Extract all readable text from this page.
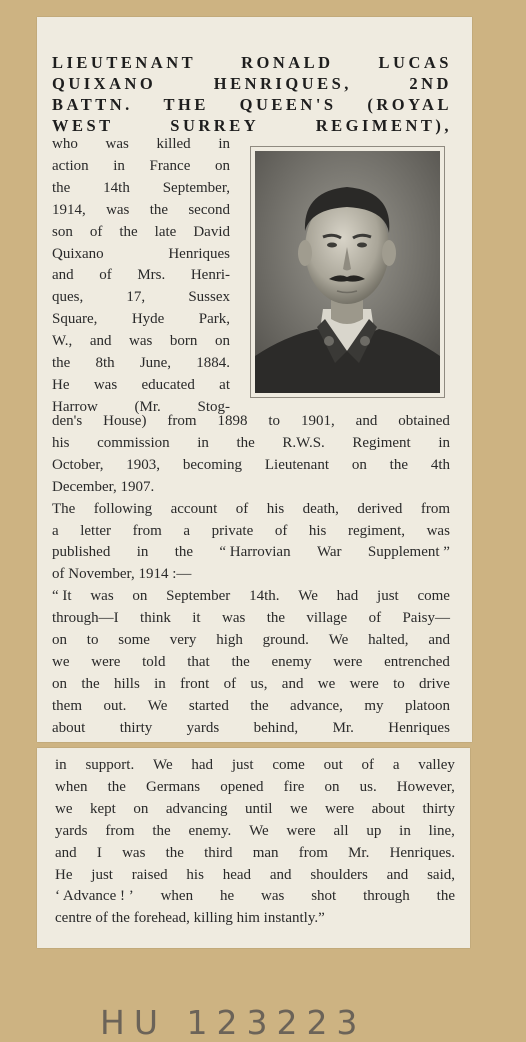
LIEUTENANT	RONALD	LUCAS
QUIXANO	HENRIQUES,	2ND
BATTN. THE QUEEN'S (ROYAL
WEST	SURREY	REGIMENT),
who was killed in
action in France on
the 14th September,
1914, was the second
son of the late David
Quixano	Henriques
and of Mrs. Henri-
ques,	17,	Sussex
Square, Hyde Park,
W., and was born on
the 8th June, 1884.
He was educated at
Harrow (Mr. Stog-
den's House) from 1898 to 1901, and obtained
his commission in the R.W.S. Regiment in
October, 1903, becoming Lieutenant on the 4th
December, 1907.
The following account of his death, derived from
a letter from a private of his regiment, was
published in the “ Harrovian War Supplement ”
of November, 1914 :—
“ It was on September 14th. We had just come
through—I think it was the village of Paisy—
on to some very high ground. We halted, and
we were told that the enemy were entrenched
on the hills in front of us, and we were to drive
them out. We started the advance, my platoon
about thirty yards behind, Mr. Henriques
in support. We had just come out of a valley
when the Germans opened fire on us. However,
we kept on advancing until we were about thirty
yards from the enemy. We were all up in line,
and I was the third man from Mr. Henriques.
He just raised his head and shoulders and said,
‘ Advance ! ’ when he was shot through the
centre of the forehead, killing him instantly.”
HU 123223
